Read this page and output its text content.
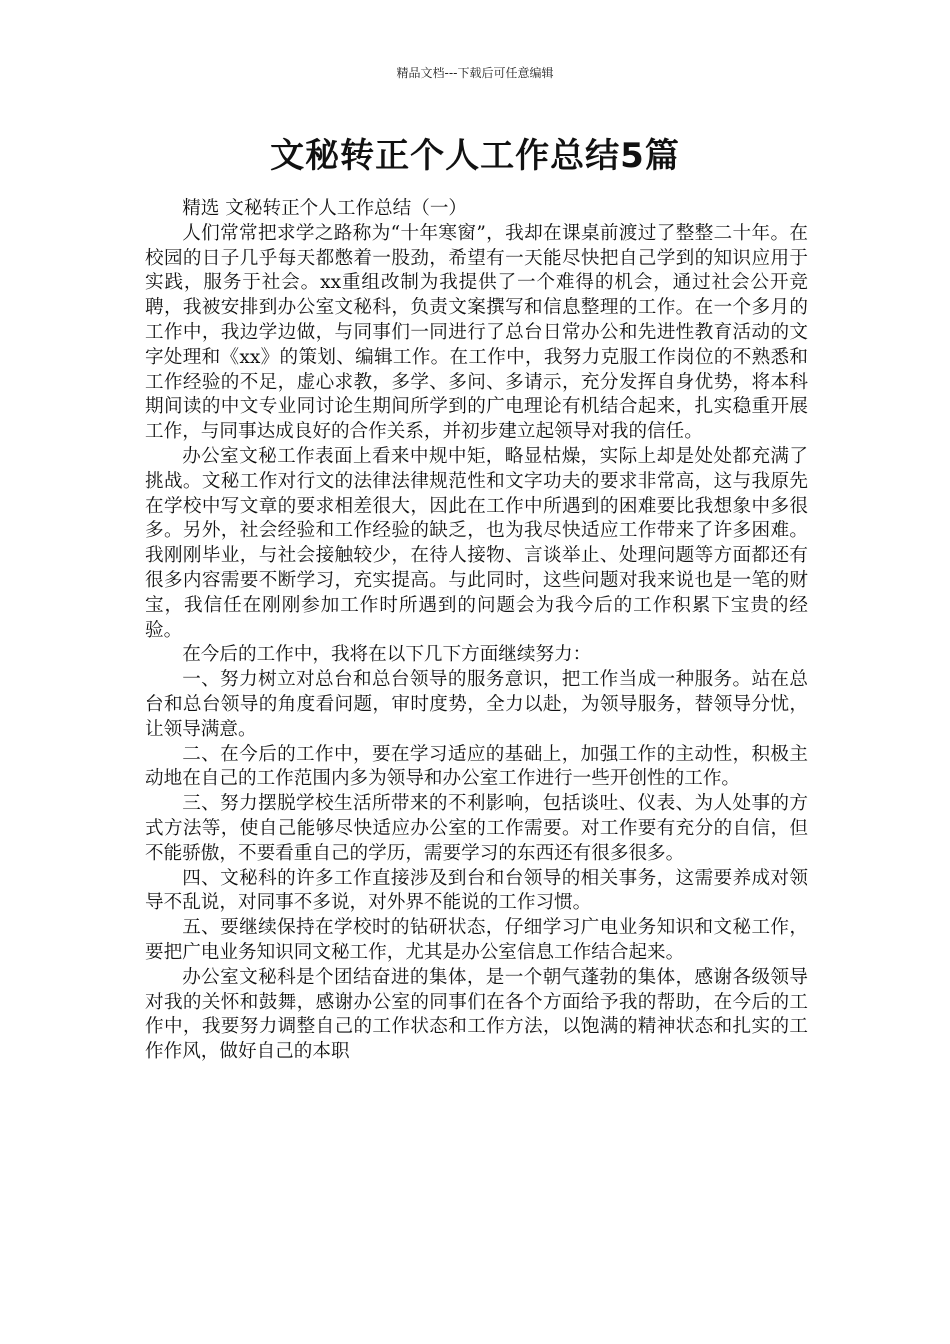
精品文档---下载后可任意编辑
文秘转正个人工作总结5篇

精选 文秘转正个人工作总结（一）

人们常常把求学之路称为“十年寒窗”，我却在课桌前渡过了整整二十年。在校园的日子几乎每天都憋着一股劲，希望有一天能尽快把自己学到的知识应用于实践，服务于社会。xx重组改制为我提供了一个难得的机会，通过社会公开竞聘，我被安排到办公室文秘科，负责文案撰写和信息整理的工作。在一个多月的工作中，我边学边做，与同事们一同进行了总台日常办公和先进性教育活动的文字处理和《xx》的策划、编辑工作。在工作中，我努力克服工作岗位的不熟悉和工作经验的不足，虚心求教，多学、多问、多请示，充分发挥自身优势，将本科期间读的中文专业同讨论生期间所学到的广电理论有机结合起来，扎实稳重开展工作，与同事达成良好的合作关系，并初步建立起领导对我的信任。

办公室文秘工作表面上看来中规中矩，略显枯燥，实际上却是处处都充满了挑战。文秘工作对行文的法律法律规范性和文字功夫的要求非常高，这与我原先在学校中写文章的要求相差很大，因此在工作中所遇到的困难要比我想象中多很多。另外，社会经验和工作经验的缺乏，也为我尽快适应工作带来了许多困难。我刚刚毕业，与社会接触较少，在待人接物、言谈举止、处理问题等方面都还有很多内容需要不断学习，充实提高。与此同时，这些问题对我来说也是一笔的财宝，我信任在刚刚参加工作时所遇到的问题会为我今后的工作积累下宝贵的经验。

在今后的工作中，我将在以下几下方面继续努力：

一、努力树立对总台和总台领导的服务意识，把工作当成一种服务。站在总台和总台领导的角度看问题，审时度势，全力以赴，为领导服务，替领导分忧，让领导满意。

二、在今后的工作中，要在学习适应的基础上，加强工作的主动性，积极主动地在自己的工作范围内多为领导和办公室工作进行一些开创性的工作。

三、努力摆脱学校生活所带来的不利影响，包括谈吐、仪表、为人处事的方式方法等，使自己能够尽快适应办公室的工作需要。对工作要有充分的自信，但不能骄傲，不要看重自己的学历，需要学习的东西还有很多很多。

四、文秘科的许多工作直接涉及到台和台领导的相关事务，这需要养成对领导不乱说，对同事不多说，对外界不能说的工作习惯。

五、要继续保持在学校时的钻研状态，仔细学习广电业务知识和文秘工作，要把广电业务知识同文秘工作，尤其是办公室信息工作结合起来。

办公室文秘科是个团结奋进的集体，是一个朝气蓬勃的集体，感谢各级领导对我的关怀和鼓舞，感谢办公室的同事们在各个方面给予我的帮助，在今后的工作中，我要努力调整自己的工作状态和工作方法，以饱满的精神状态和扎实的工作作风，做好自己的本职
